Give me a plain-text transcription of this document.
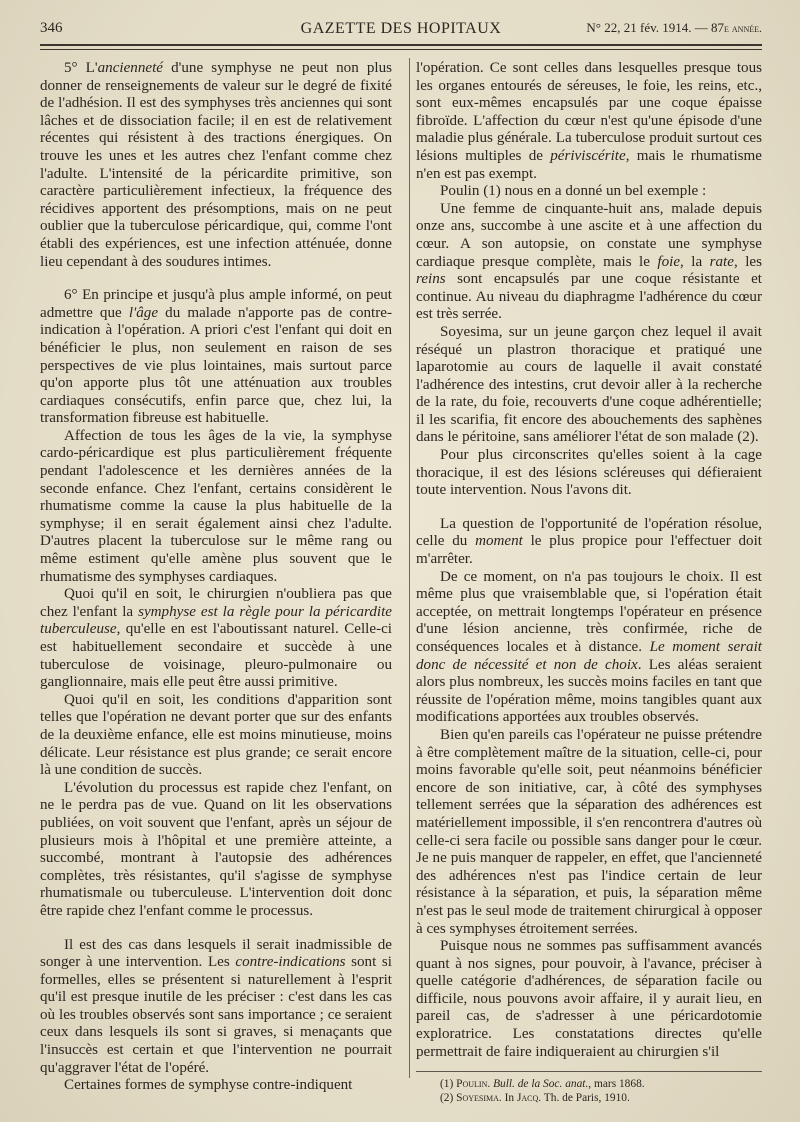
346	GAZETTE DES HOPITAUX	N° 22, 21 fév. 1914. — 87e année.

5° L'ancienneté d'une symphyse ne peut non plus donner de renseignements de valeur sur le degré de fixité de l'adhésion. Il est des symphyses très anciennes qui sont lâches et de dissociation facile; il en est de relativement récentes qui résistent à des tractions énergiques. On trouve les unes et les autres chez l'enfant comme chez l'adulte. L'intensité de la péricardite primitive, son caractère particulièrement infectieux, la fréquence des récidives apportent des présomptions, mais on ne peut oublier que la tuberculose péricardique, qui, comme l'ont établi des expériences, est une infection atténuée, donne lieu cependant à des soudures intimes.

6° En principe et jusqu'à plus ample informé, on peut admettre que l'âge du malade n'apporte pas de contre-indication à l'opération. A priori c'est l'enfant qui doit en bénéficier le plus, non seulement en raison de ses perspectives de vie plus lointaines, mais surtout parce qu'on apporte plus tôt une atténuation aux troubles cardiaques consécutifs, enfin parce que, chez lui, la transformation fibreuse est habituelle.

Affection de tous les âges de la vie, la symphyse cardo-péricardique est plus particulièrement fréquente pendant l'adolescence et les dernières années de la seconde enfance. Chez l'enfant, certains considèrent le rhumatisme comme la cause la plus habituelle de la symphyse; il en serait également ainsi chez l'adulte. D'autres placent la tuberculose sur le même rang ou même estiment qu'elle amène plus souvent que le rhumatisme des symphyses cardiaques.

Quoi qu'il en soit, le chirurgien n'oubliera pas que chez l'enfant la symphyse est la règle pour la péricardite tuberculeuse, qu'elle en est l'aboutissant naturel. Celle-ci est habituellement secondaire et succède à une tuberculose de voisinage, pleuro-pulmonaire ou ganglionnaire, mais elle peut être aussi primitive.

Quoi qu'il en soit, les conditions d'apparition sont telles que l'opération ne devant porter que sur des enfants de la deuxième enfance, elle est moins minutieuse, moins délicate. Leur résistance est plus grande; ce serait encore là une condition de succès.

L'évolution du processus est rapide chez l'enfant, on ne le perdra pas de vue. Quand on lit les observations publiées, on voit souvent que l'enfant, après un séjour de plusieurs mois à l'hôpital et une première atteinte, a succombé, montrant à l'autopsie des adhérences complètes, très résistantes, qu'il s'agisse de symphyse rhumatismale ou tuberculeuse. L'intervention doit donc être rapide chez l'enfant comme le processus.

Il est des cas dans lesquels il serait inadmissible de songer à une intervention. Les contre-indications sont si formelles, elles se présentent si naturellement à l'esprit qu'il est presque inutile de les préciser : c'est dans les cas où les troubles observés sont sans importance ; ce seraient ceux dans lesquels ils sont si graves, si menaçants que l'insuccès est certain et que l'intervention ne pourrait qu'aggraver l'état de l'opéré.

Certaines formes de symphyse contre-indiquent

l'opération. Ce sont celles dans lesquelles presque tous les organes entourés de séreuses, le foie, les reins, etc., sont eux-mêmes encapsulés par une coque épaisse fibroïde. L'affection du cœur n'est qu'une épisode d'une maladie plus générale. La tuberculose produit surtout ces lésions multiples de périviscérite, mais le rhumatisme n'en est pas exempt.

Poulin (1) nous en a donné un bel exemple :

Une femme de cinquante-huit ans, malade depuis onze ans, succombe à une ascite et à une affection du cœur. A son autopsie, on constate une symphyse cardiaque presque complète, mais le foie, la rate, les reins sont encapsulés par une coque résistante et continue. Au niveau du diaphragme l'adhérence du cœur est très serrée.

Soyesima, sur un jeune garçon chez lequel il avait réséqué un plastron thoracique et pratiqué une laparotomie au cours de laquelle il avait constaté l'adhérence des intestins, crut devoir aller à la recherche de la rate, du foie, recouverts d'une coque adhérentielle; il les scarifia, fit encore des abouchements des saphènes dans le péritoine, sans améliorer l'état de son malade (2).

Pour plus circonscrites qu'elles soient à la cage thoracique, il est des lésions scléreuses qui défieraient toute intervention. Nous l'avons dit.

La question de l'opportunité de l'opération résolue, celle du moment le plus propice pour l'effectuer doit m'arrêter.

De ce moment, on n'a pas toujours le choix. Il est même plus que vraisemblable que, si l'opération était acceptée, on mettrait longtemps l'opérateur en présence d'une lésion ancienne, très confirmée, riche de conséquences locales et à distance. Le moment serait donc de nécessité et non de choix. Les aléas seraient alors plus nombreux, les succès moins faciles en tant que réussite de l'opération même, moins tangibles quant aux modifications apportées aux troubles observés.

Bien qu'en pareils cas l'opérateur ne puisse prétendre à être complètement maître de la situation, celle-ci, pour moins favorable qu'elle soit, peut néanmoins bénéficier encore de son initiative, car, à côté des symphyses tellement serrées que la séparation des adhérences est matériellement impossible, il s'en rencontrera d'autres où celle-ci sera facile ou possible sans danger pour le cœur. Je ne puis manquer de rappeler, en effet, que l'ancienneté des adhérences n'est pas l'indice certain de leur résistance à la séparation, et puis, la séparation même n'est pas le seul mode de traitement chirurgical à opposer à ces symphyses étroitement serrées.

Puisque nous ne sommes pas suffisamment avancés quant à nos signes, pour pouvoir, à l'avance, préciser à quelle catégorie d'adhérences, de séparation facile ou difficile, nous pouvons avoir affaire, il y aurait lieu, en pareil cas, de s'adresser à une péricardotomie exploratrice. Les constatations directes qu'elle permettrait de faire indiqueraient au chirurgien s'il

(1) Poulin. Bull. de la Soc. anat., mars 1868.

(2) Soyesima. In Jacq. Th. de Paris, 1910.
